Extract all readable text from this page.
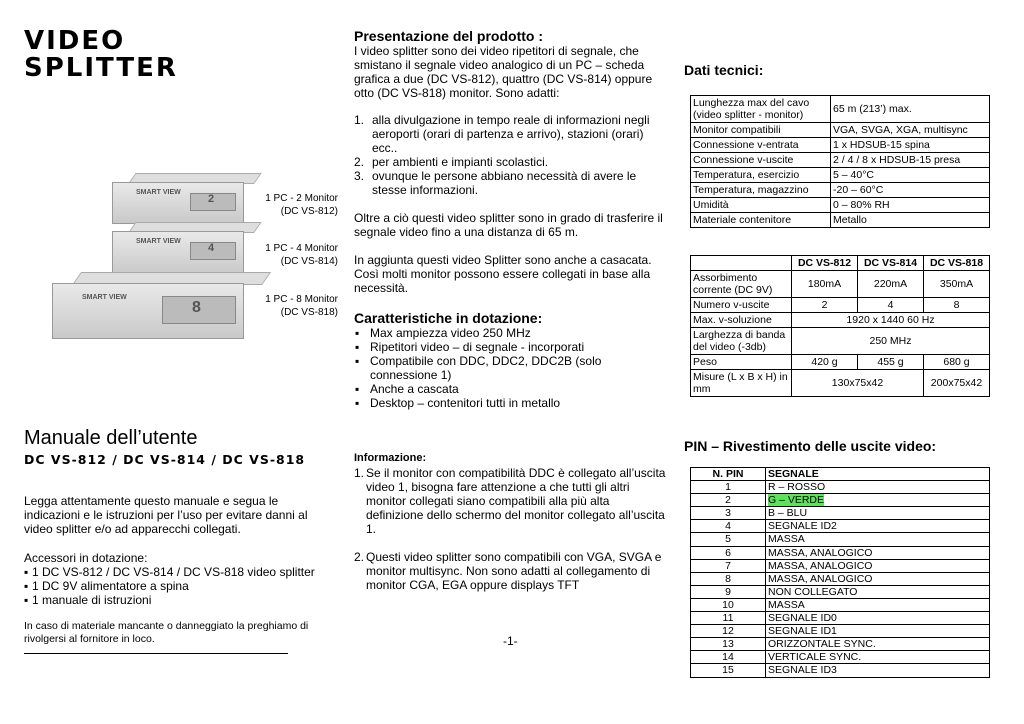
VIDEO
SPLITTER
SMART VIEW
2
SMART VIEW
4
SMART VIEW
8
1 PC - 2 Monitor
(DC VS-812)
1 PC - 4 Monitor
(DC VS-814)
1 PC - 8 Monitor
(DC VS-818)
Manuale dell’utente
DC VS-812 / DC VS-814 / DC VS-818
Legga attentamente questo manuale e segua le indicazioni e le istruzioni per l’uso per evitare danni al video splitter e/o ad apparecchi collegati.
Accessori in dotazione:
▪ 1 DC VS-812 / DC VS-814 / DC VS-818 video splitter
▪ 1 DC 9V alimentatore a spina
▪ 1 manuale di istruzioni
In caso di materiale mancante o danneggiato la preghiamo di rivolgersi al fornitore in loco.
Presentazione del prodotto :
I video splitter sono dei video ripetitori di segnale, che smistano il segnale video analogico di un PC – scheda grafica a due (DC VS-812), quattro (DC VS-814) oppure otto (DC VS-818) monitor. Sono adatti:
1. alla divulgazione in tempo reale di informazioni negli aeroporti (orari di partenza e arrivo), stazioni (orari) ecc..
2. per ambienti e impianti scolastici.
3. ovunque le persone abbiano necessità di avere le stesse informazioni.
Oltre a ciò questi video splitter sono in grado di trasferire il segnale video fino a una distanza di 65 m.
In aggiunta questi video Splitter sono anche a casacata. Così molti monitor possono essere collegati in base alla necessità.
Caratteristiche in dotazione:
▪ Max ampiezza video 250 MHz
▪ Ripetitori video – di segnale - incorporati
▪ Compatibile con DDC, DDC2, DDC2B (solo connessione 1)
▪ Anche a cascata
▪ Desktop – contenitori tutti in metallo
Informazione:
1. Se il monitor con compatibilità DDC è collegato all’uscita video 1, bisogna fare attenzione a che tutti gli altri monitor collegati siano compatibili alla più alta definizione dello schermo del monitor collegato all’uscita 1.
2. Questi video splitter sono compatibili con VGA, SVGA e monitor multisync. Non sono adatti al collegamento di monitor CGA, EGA oppure displays TFT
-1-
Dati tecnici:
Lunghezza max del cavo (video splitter - monitor)	65 m (213’) max.
Monitor compatibili	VGA, SVGA, XGA, multisync
Connessione v-entrata	1 x HDSUB-15 spina
Connessione v-uscite	2 / 4 / 8 x HDSUB-15 presa
Temperatura, esercizio	5 – 40°C
Temperatura, magazzino	-20 – 60°C
Umidità	0 – 80% RH
Materiale contenitore	Metallo
	DC VS-812	DC VS-814	DC VS-818
Assorbimento corrente (DC 9V)	180mA	220mA	350mA
Numero v-uscite	2	4	8
Max. v-soluzione	1920 x 1440 60 Hz		
Larghezza di banda del video (-3db)	250 MHz		
Peso	420 g	455 g	680 g
Misure (L x B x H) in mm	130x75x42		200x75x42
PIN – Rivestimento delle uscite video:
N. PIN	SEGNALE
1	R – ROSSO
2	G – VERDE
3	B – BLU
4	SEGNALE ID2
5	MASSA
6	MASSA, ANALOGICO
7	MASSA, ANALOGICO
8	MASSA, ANALOGICO
9	NON COLLEGATO
10	MASSA
11	SEGNALE ID0
12	SEGNALE ID1
13	ORIZZONTALE SYNC.
14	VERTICALE SYNC.
15	SEGNALE ID3
